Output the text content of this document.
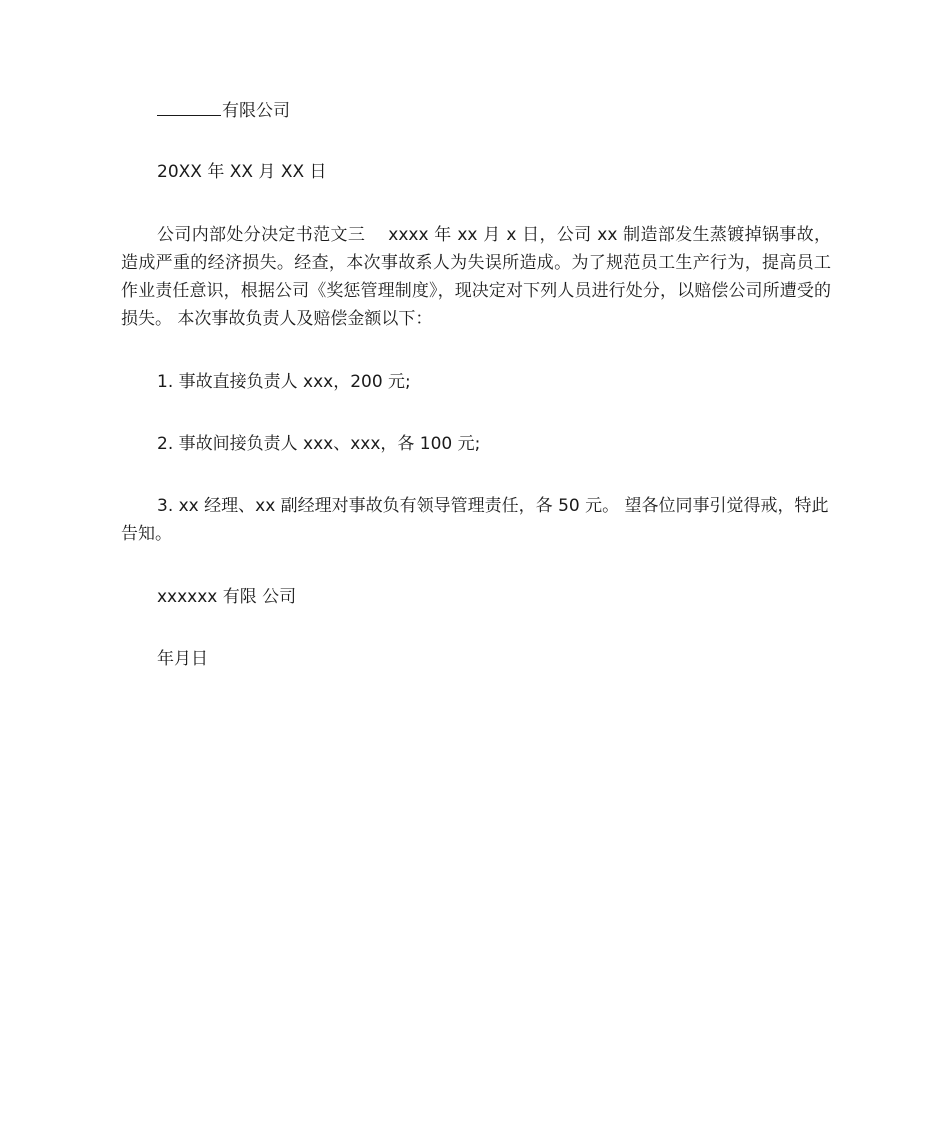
有限公司

20XX 年 XX 月 XX 日

公司内部处分决定书范文三　 xxxx 年 xx 月 x 日，公司 xx 制造部发生蒸镀掉锅事故，造成严重的经济损失。经查，本次事故系人为失误所造成。为了规范员工生产行为，提高员工作业责任意识，根据公司《奖惩管理制度》，现决定对下列人员进行处分，以赔偿公司所遭受的损失。 本次事故负责人及赔偿金额以下：

1. 事故直接负责人 xxx，200 元;

2. 事故间接负责人 xxx、xxx，各 100 元;

3. xx 经理、xx 副经理对事故负有领导管理责任，各 50 元。 望各位同事引觉得戒，特此告知。

xxxxxx 有限 公司

年月日
